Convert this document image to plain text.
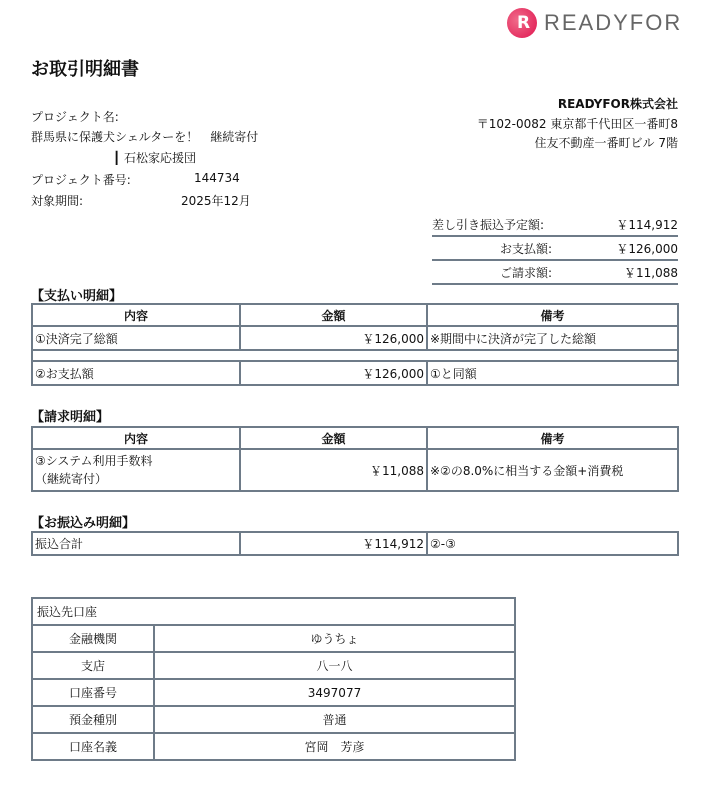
R READYFOR
お取引明細書
プロジェクト名:
群馬県に保護犬シェルターを！　継続寄付
┃ 石松家応援団
プロジェクト番号:	144734
対象期間:	2025年12月
READYFOR株式会社
〒102-0082 東京都千代田区一番町8
住友不動産一番町ビル 7階
差し引き振込予定額:	￥114,912
お支払額:	￥126,000
ご請求額:	￥11,088
【支払い明細】
内容	金額	備考
①決済完了総額	￥126,000	※期間中に決済が完了した総額

②お支払額	￥126,000	①と同額
【請求明細】
内容	金額	備考

③システム利用手数料
（継続寄付）	￥11,088	※②の8.0%に相当する金額+消費税
【お振込み明細】
振込合計	￥114,912	②-③
振込先口座	
金融機関	ゆうちょ
支店	八一八
口座番号	3497077
預金種別	普通
口座名義	宮岡　芳彦
